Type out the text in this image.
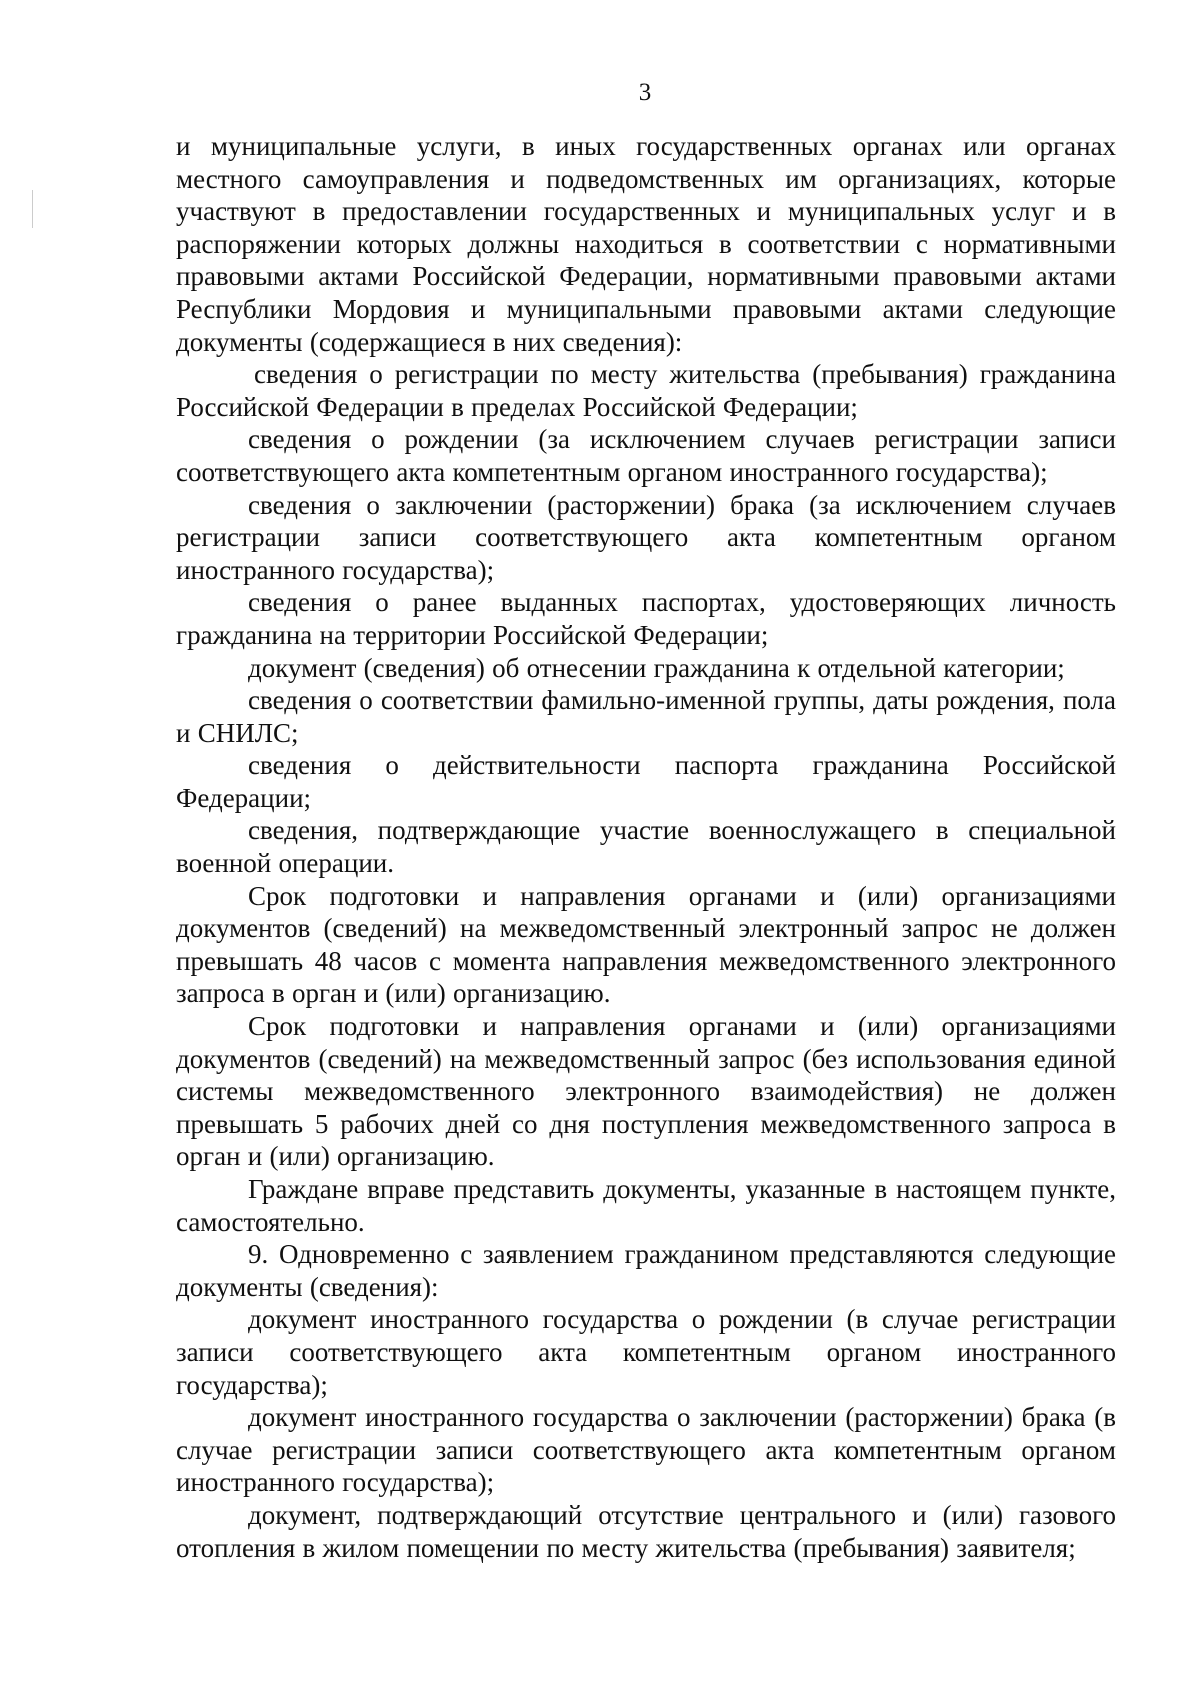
3

и муниципальные услуги, в иных государственных органах или органах местного самоуправления и подведомственных им организациях, которые участвуют в предоставлении государственных и муниципальных услуг и в распоряжении которых должны находиться в соответствии с нормативными правовыми актами Российской Федерации, нормативными правовыми актами Республики Мордовия и муниципальными правовыми актами следующие документы (содержащиеся в них сведения):

сведения о регистрации по месту жительства (пребывания) гражданина Российской Федерации в пределах Российской Федерации;

сведения о рождении (за исключением случаев регистрации записи соответствующего акта компетентным органом иностранного государства);

сведения о заключении (расторжении) брака (за исключением случаев регистрации записи соответствующего акта компетентным органом иностранного государства);

сведения о ранее выданных паспортах, удостоверяющих личность гражданина на территории Российской Федерации;

документ (сведения) об отнесении гражданина к отдельной категории;

сведения о соответствии фамильно-именной группы, даты рождения, пола и СНИЛС;

сведения о действительности паспорта гражданина Российской Федерации;

сведения, подтверждающие участие военнослужащего в специальной военной операции.

Срок подготовки и направления органами и (или) организациями документов (сведений) на межведомственный электронный запрос не должен превышать 48 часов с момента направления межведомственного электронного запроса в орган и (или) организацию.

Срок подготовки и направления органами и (или) организациями документов (сведений) на межведомственный запрос (без использования единой системы межведомственного электронного взаимодействия) не должен превышать 5 рабочих дней со дня поступления межведомственного запроса в орган и (или) организацию.

Граждане вправе представить документы, указанные в настоящем пункте, самостоятельно.

9. Одновременно с заявлением гражданином представляются следующие документы (сведения):

документ иностранного государства о рождении (в случае регистрации записи соответствующего акта компетентным органом иностранного государства);

документ иностранного государства о заключении (расторжении) брака (в случае регистрации записи соответствующего акта компетентным органом иностранного государства);

документ, подтверждающий отсутствие центрального и (или) газового отопления в жилом помещении по месту жительства (пребывания) заявителя;
